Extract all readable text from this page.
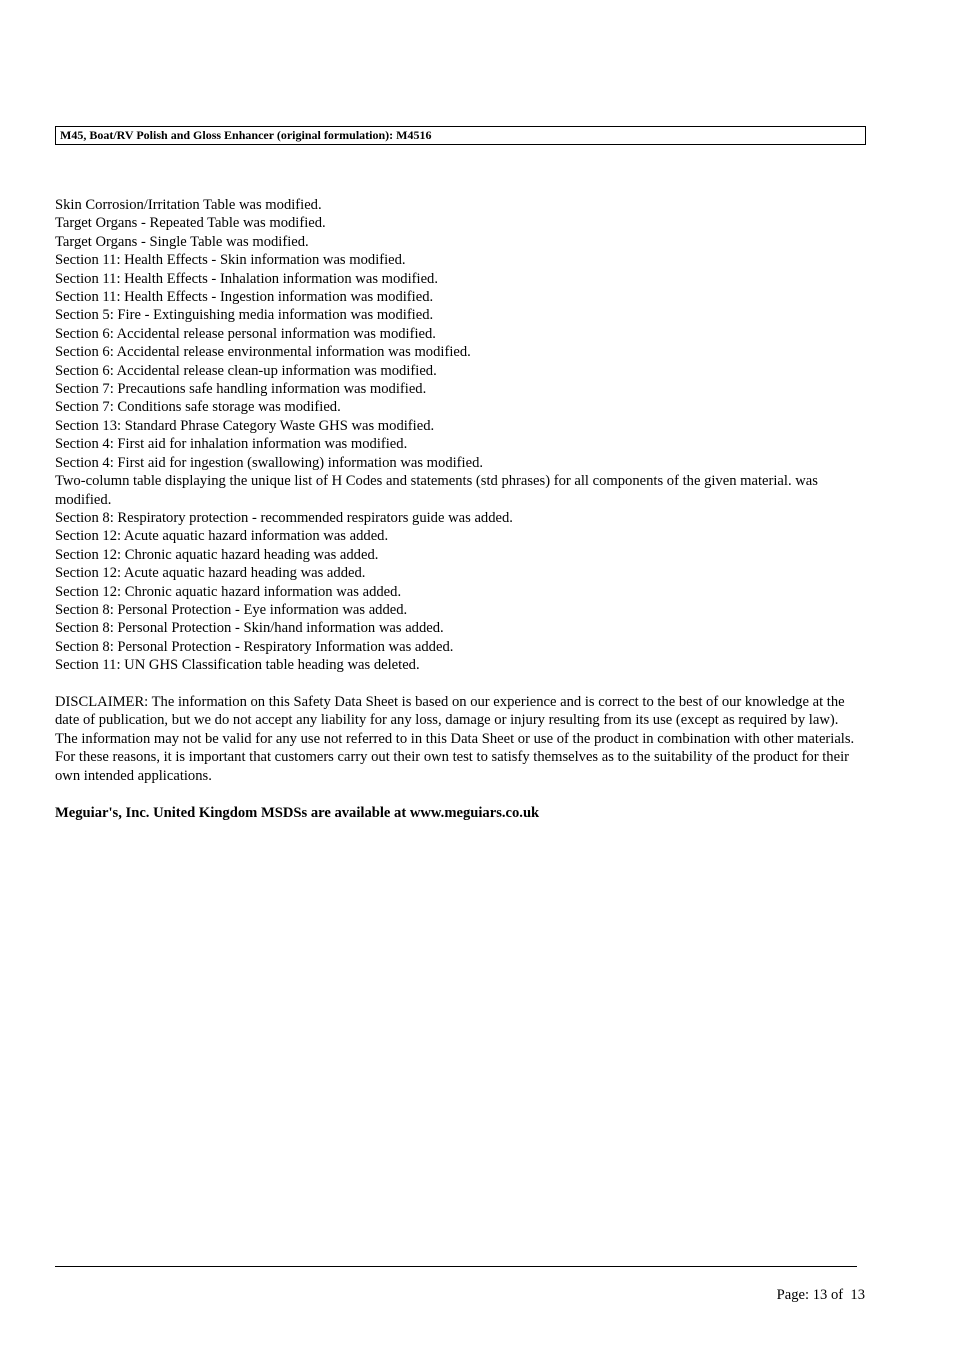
M45, Boat/RV Polish and Gloss Enhancer (original formulation): M4516
Skin Corrosion/Irritation Table was modified.
Target Organs - Repeated Table was modified.
Target Organs - Single Table was modified.
Section 11: Health Effects - Skin information was modified.
Section 11: Health Effects - Inhalation information was modified.
Section 11: Health Effects - Ingestion information was modified.
Section 5: Fire - Extinguishing media information was modified.
Section 6: Accidental release personal information was modified.
Section 6: Accidental release environmental information was modified.
Section 6: Accidental release clean-up information was modified.
Section 7: Precautions safe handling information was modified.
Section 7: Conditions safe storage was modified.
Section 13: Standard Phrase Category Waste GHS was modified.
Section 4: First aid for inhalation information was modified.
Section 4: First aid for ingestion (swallowing) information was modified.
Two-column table displaying the unique list of H Codes and statements (std phrases) for all components of the given material. was modified.
Section 8: Respiratory protection - recommended respirators guide was added.
Section 12: Acute aquatic hazard information was added.
Section 12: Chronic aquatic hazard heading was added.
Section 12: Acute aquatic hazard heading was added.
Section 12: Chronic aquatic hazard information was added.
Section 8: Personal Protection - Eye information was added.
Section 8: Personal Protection - Skin/hand information was added.
Section 8: Personal Protection - Respiratory Information was added.
Section 11: UN GHS Classification table heading was deleted.

DISCLAIMER: The information on this Safety Data Sheet is based on our experience and is correct to the best of our knowledge at the date of publication, but we do not accept any liability for any loss, damage or injury resulting from its use (except as required by law). The information may not be valid for any use not referred to in this Data Sheet or use of the product in combination with other materials. For these reasons, it is important that customers carry out their own test to satisfy themselves as to the suitability of the product for their own intended applications.

Meguiar's, Inc. United Kingdom MSDSs are available at www.meguiars.co.uk

Page: 13 of  13
